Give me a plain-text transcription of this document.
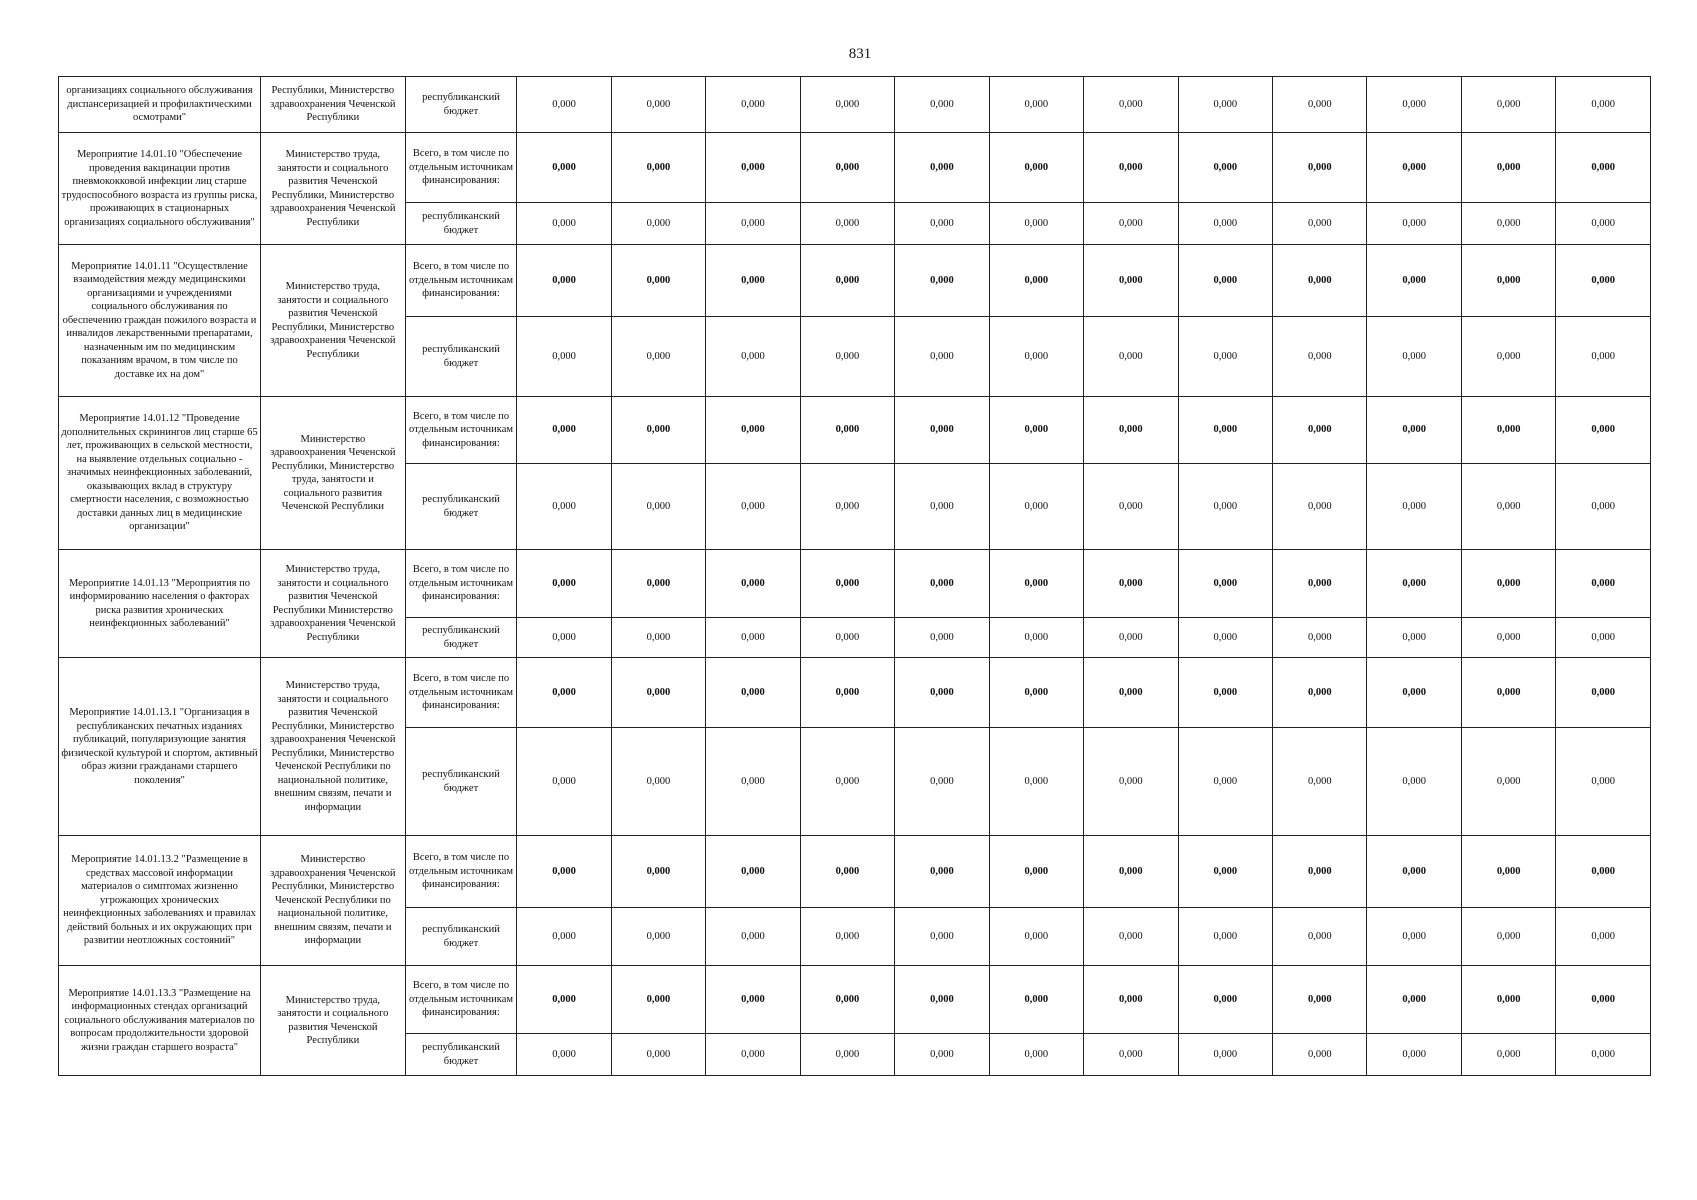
831
организациях социального обслуживания диспансеризацией и профилактическими осмотрами"	Республики, Министерство здравоохранения Чеченской Республики	республиканский бюджет	0,000	0,000	0,000	0,000	0,000	0,000	0,000	0,000	0,000	0,000	0,000	0,000
Мероприятие 14.01.10 "Обеспечение проведения вакцинации против пневмококковой инфекции лиц старше трудоспособного возраста из группы риска, проживающих в стационарных организациях социального обслуживания"	Министерство труда, занятости и социального развития Чеченской Республики, Министерство здравоохранения Чеченской Республики	Всего, в том числе по отдельным источникам финансирования:	0,000	0,000	0,000	0,000	0,000	0,000	0,000	0,000	0,000	0,000	0,000	0,000
		республиканский бюджет	0,000	0,000	0,000	0,000	0,000	0,000	0,000	0,000	0,000	0,000	0,000	0,000
Мероприятие 14.01.11 "Осуществление взаимодействия между медицинскими организациями и учреждениями социального обслуживания по обеспечению граждан пожилого возраста и инвалидов лекарственными препаратами, назначенным им по медицинским показаниям врачом, в том числе по доставке их на дом"	Министерство труда, занятости и социального развития Чеченской Республики, Министерство здравоохранения Чеченской Республики	Всего, в том числе по отдельным источникам финансирования:	0,000	0,000	0,000	0,000	0,000	0,000	0,000	0,000	0,000	0,000	0,000	0,000
		республиканский бюджет	0,000	0,000	0,000	0,000	0,000	0,000	0,000	0,000	0,000	0,000	0,000	0,000
Мероприятие 14.01.12 "Проведение дополнительных скринингов лиц старше 65 лет, проживающих в сельской местности, на выявление отдельных социально - значимых неинфекционных заболеваний, оказывающих вклад в структуру смертности населения, с возможностью доставки данных лиц в медицинские организации"	Министерство здравоохранения Чеченской Республики, Министерство труда, занятости и социального развития Чеченской Республики	Всего, в том числе по отдельным источникам финансирования:	0,000	0,000	0,000	0,000	0,000	0,000	0,000	0,000	0,000	0,000	0,000	0,000
		республиканский бюджет	0,000	0,000	0,000	0,000	0,000	0,000	0,000	0,000	0,000	0,000	0,000	0,000
Мероприятие 14.01.13 "Мероприятия по информированию населения о факторах риска развития хронических неинфекционных заболеваний"	Министерство труда, занятости и социального развития Чеченской Республики Министерство здравоохранения Чеченской Республики	Всего, в том числе по отдельным источникам финансирования:	0,000	0,000	0,000	0,000	0,000	0,000	0,000	0,000	0,000	0,000	0,000	0,000
		республиканский бюджет	0,000	0,000	0,000	0,000	0,000	0,000	0,000	0,000	0,000	0,000	0,000	0,000
Мероприятие 14.01.13.1 "Организация в республиканских печатных изданиях публикаций, популяризующие занятия физической культурой и спортом, активный образ жизни гражданами старшего поколения"	Министерство труда, занятости и социального развития Чеченской Республики, Министерство здравоохранения Чеченской Республики, Министерство Чеченской Республики по национальной политике, внешним связям, печати и информации	Всего, в том числе по отдельным источникам финансирования:	0,000	0,000	0,000	0,000	0,000	0,000	0,000	0,000	0,000	0,000	0,000	0,000
		республиканский бюджет	0,000	0,000	0,000	0,000	0,000	0,000	0,000	0,000	0,000	0,000	0,000	0,000
Мероприятие 14.01.13.2 "Размещение в средствах массовой информации материалов о симптомах жизненно угрожающих хронических неинфекционных заболеваниях и правилах действий больных и их окружающих при развитии неотложных состояний"	Министерство здравоохранения Чеченской Республики, Министерство Чеченской Республики по национальной политике, внешним связям, печати и информации	Всего, в том числе по отдельным источникам финансирования:	0,000	0,000	0,000	0,000	0,000	0,000	0,000	0,000	0,000	0,000	0,000	0,000
		республиканский бюджет	0,000	0,000	0,000	0,000	0,000	0,000	0,000	0,000	0,000	0,000	0,000	0,000
Мероприятие 14.01.13.3 "Размещение на информационных стендах организаций социального обслуживания материалов по вопросам продолжительности здоровой жизни граждан старшего возраста"	Министерство труда, занятости и социального развития Чеченской Республики	Всего, в том числе по отдельным источникам финансирования:	0,000	0,000	0,000	0,000	0,000	0,000	0,000	0,000	0,000	0,000	0,000	0,000
		республиканский бюджет	0,000	0,000	0,000	0,000	0,000	0,000	0,000	0,000	0,000	0,000	0,000	0,000
